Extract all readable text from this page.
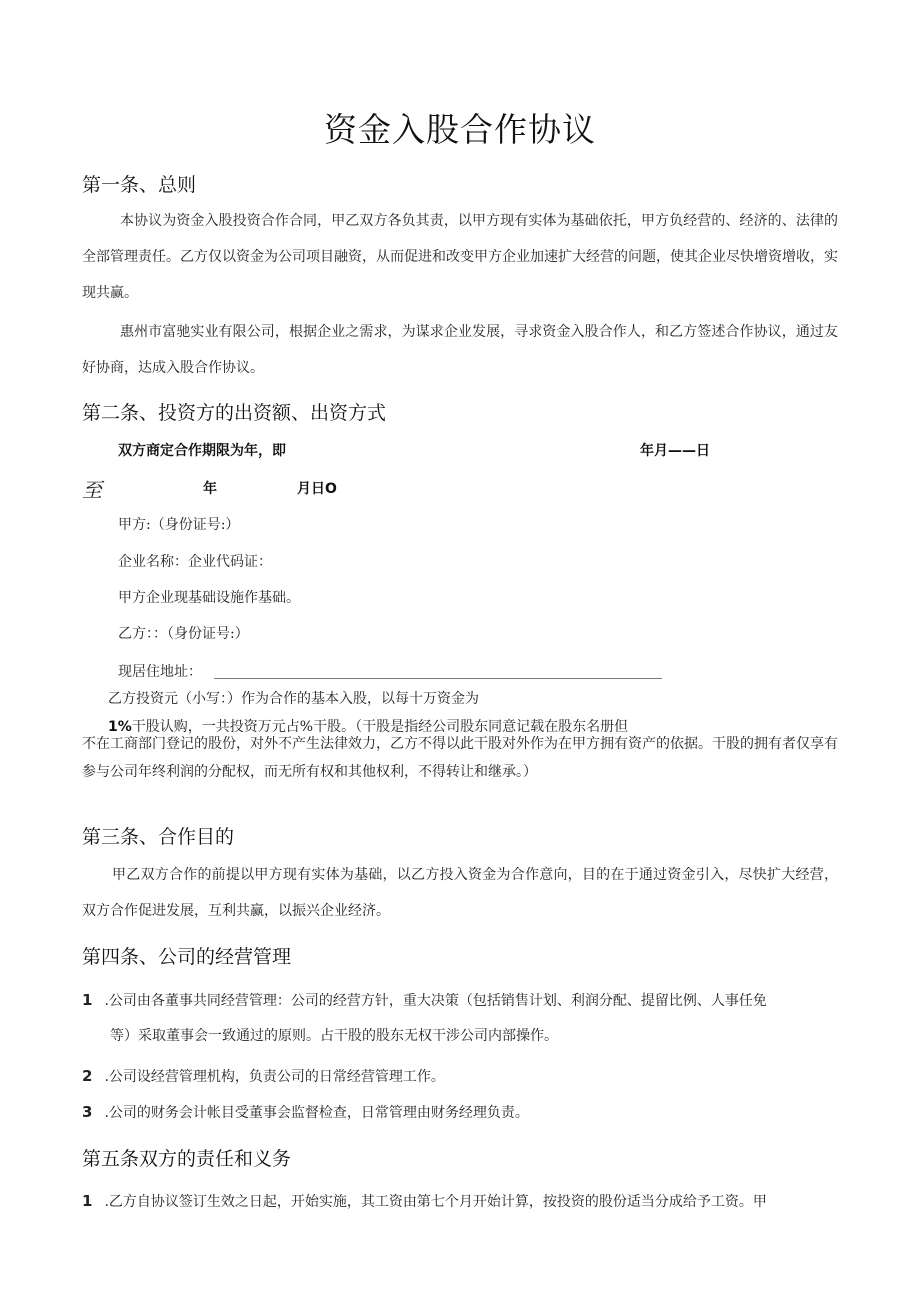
资金入股合作协议
第一条、总则
本协议为资金入股投资合作合同，甲乙双方各负其责，以甲方现有实体为基础依托，甲方负经营的、经济的、法律的全部管理责任。乙方仅以资金为公司项目融资，从而促进和改变甲方企业加速扩大经营的问题，使其企业尽快增资增收，实现共赢。
惠州市富驰实业有限公司，根据企业之需求，为谋求企业发展，寻求资金入股合作人，和乙方签述合作协议，通过友好协商，达成入股合作协议。
第二条、投资方的出资额、出资方式
双方商定合作期限为年，即	年月——日
至	年	月日O
甲方:（身份证号:）
企业名称：企业代码证：
甲方企业现基础设施作基础。
乙方：：（身份证号:）
现居住地址：
乙方投资元（小写：）作为合作的基本入股，以每十万资金为
1%干股认购，一共投资万元占%干股。（干股是指经公司股东同意记载在股东名册但
不在工商部门登记的股份，对外不产生法律效力，乙方不得以此干股对外作为在甲方拥有资产的依据。干股的拥有者仅享有参与公司年终利润的分配权，而无所有权和其他权利，不得转让和继承。）
第三条、合作目的
甲乙双方合作的前提以甲方现有实体为基础，以乙方投入资金为合作意向，目的在于通过资金引入，尽快扩大经营，双方合作促进发展，互利共赢，以振兴企业经济。
第四条、公司的经营管理
1 .公司由各董事共同经营管理：公司的经营方针，重大决策（包括销售计划、利润分配、提留比例、人事任免
等）采取董事会一致通过的原则。占干股的股东无权干涉公司内部操作。
2 .公司设经营管理机构，负责公司的日常经营管理工作。
3 .公司的财务会计帐目受董事会监督检查，日常管理由财务经理负责。
第五条双方的责任和义务
1 .乙方自协议签订生效之日起，开始实施，其工资由第七个月开始计算，按投资的股份适当分成给予工资。甲
